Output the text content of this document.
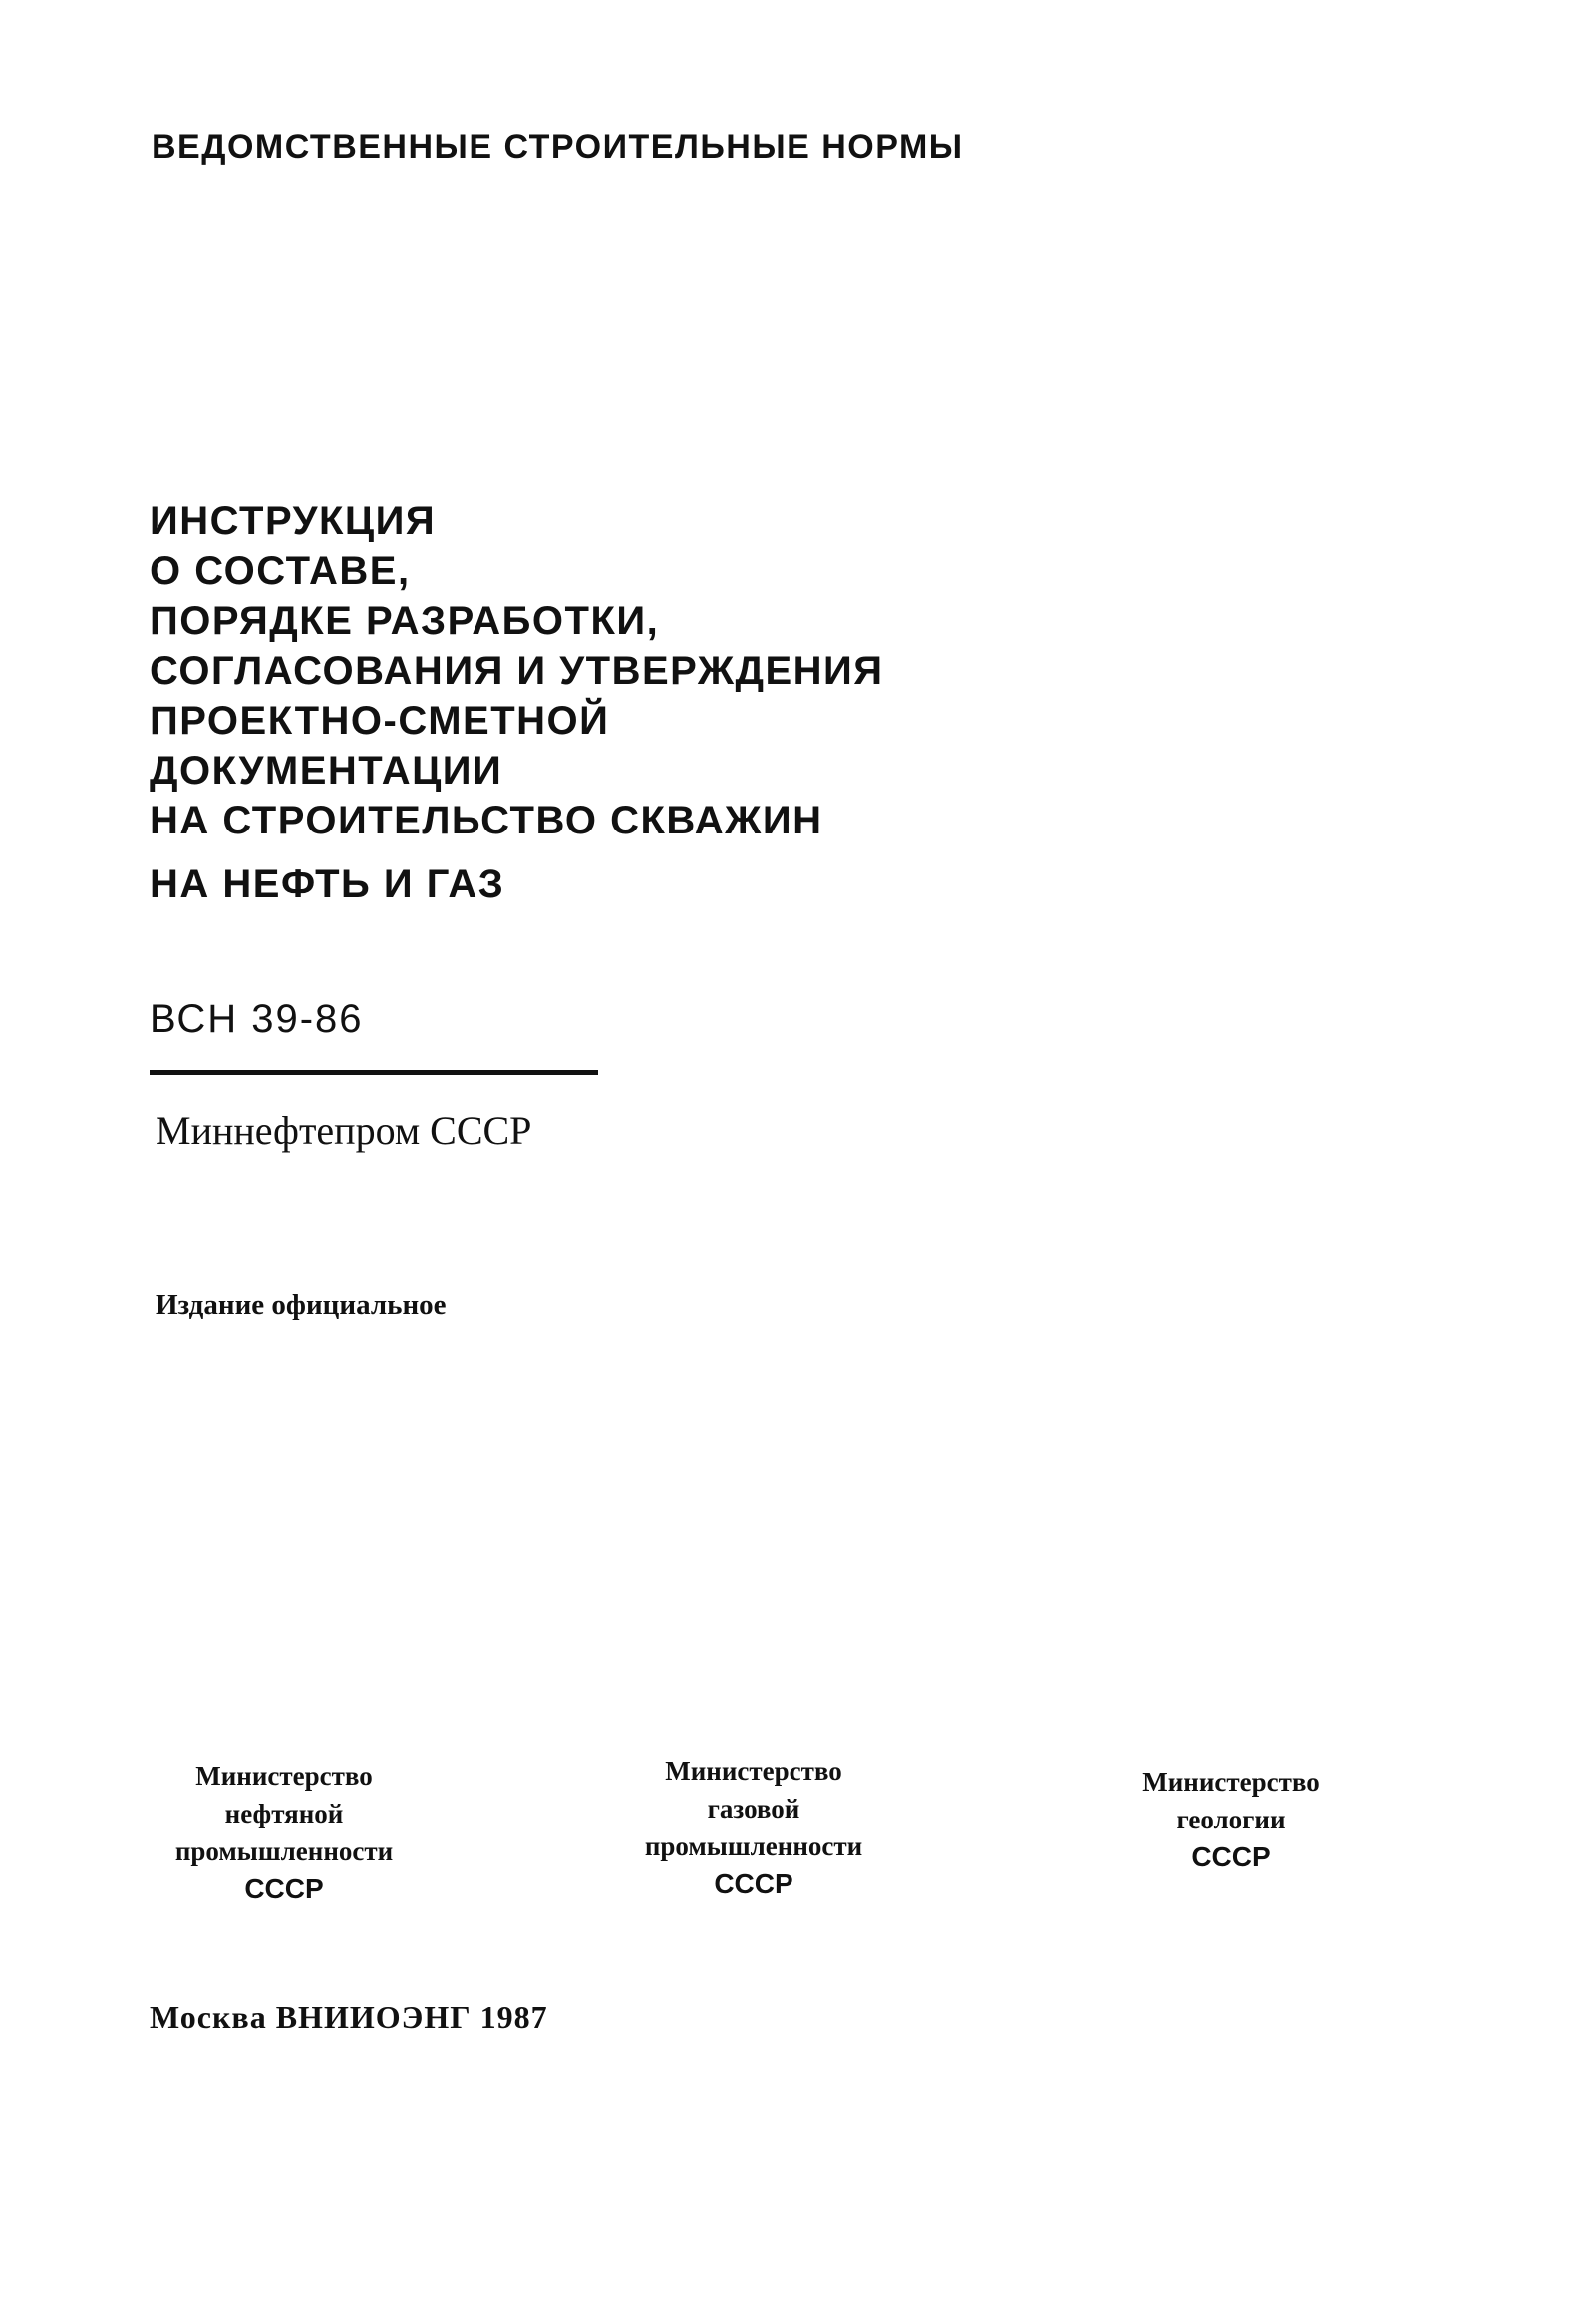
ВЕДОМСТВЕННЫЕ СТРОИТЕЛЬНЫЕ НОРМЫ
ИНСТРУКЦИЯ
О СОСТАВЕ,
ПОРЯДКЕ РАЗРАБОТКИ,
СОГЛАСОВАНИЯ И УТВЕРЖДЕНИЯ
ПРОЕКТНО-СМЕТНОЙ
ДОКУМЕНТАЦИИ
НА СТРОИТЕЛЬСТВО СКВАЖИН
НА НЕФТЬ И ГАЗ
ВСН 39-86
Миннефтепром СССР
Издание официальное
Министерство
нефтяной
промышленности
СССР
Министерство
газовой
промышленности
СССР
Министерство
геологии
СССР
Москва ВНИИОЭНГ 1987
